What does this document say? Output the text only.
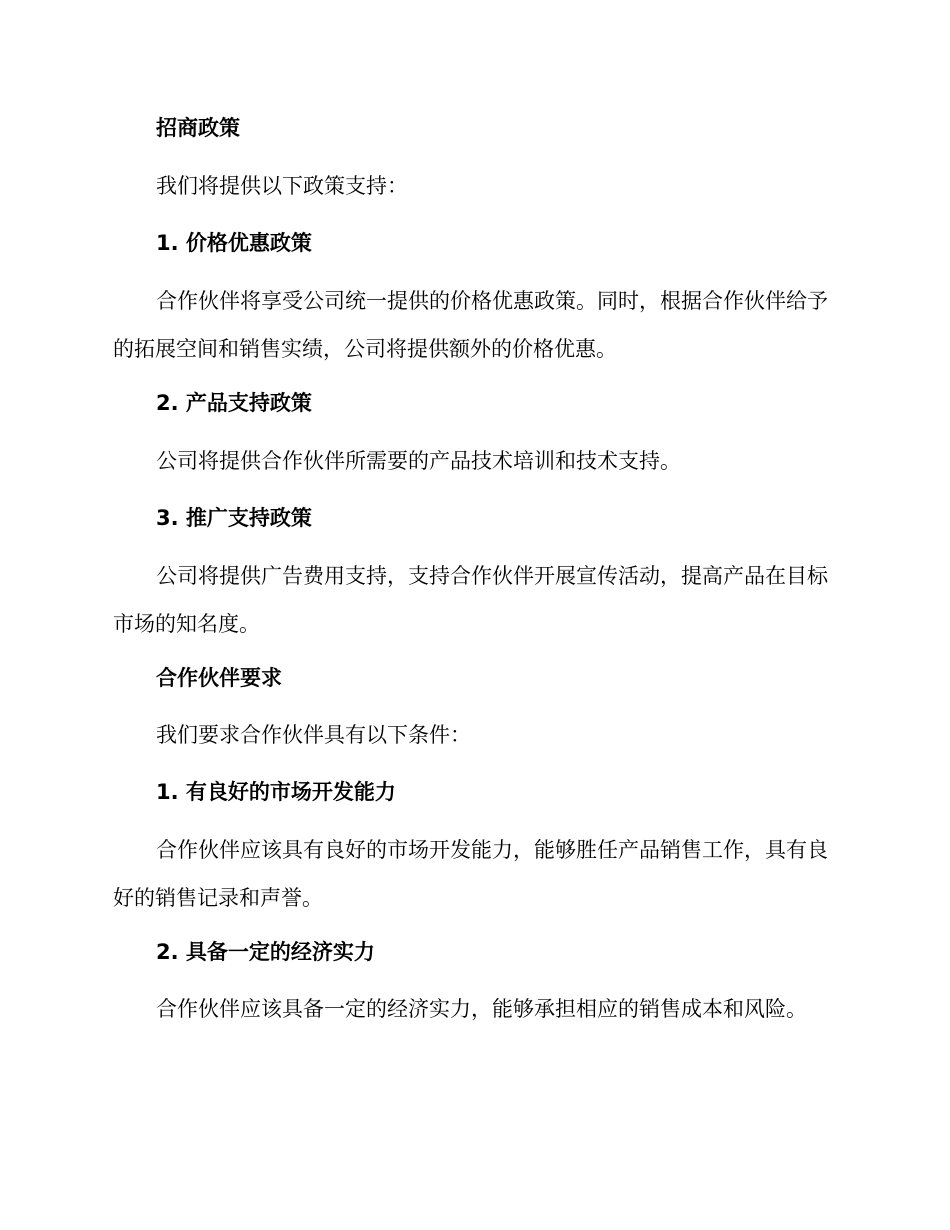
招商政策

我们将提供以下政策支持：

1. 价格优惠政策

合作伙伴将享受公司统一提供的价格优惠政策。同时，根据合作伙伴给予的拓展空间和销售实绩，公司将提供额外的价格优惠。

2. 产品支持政策

公司将提供合作伙伴所需要的产品技术培训和技术支持。

3. 推广支持政策

公司将提供广告费用支持，支持合作伙伴开展宣传活动，提高产品在目标市场的知名度。

合作伙伴要求

我们要求合作伙伴具有以下条件：

1. 有良好的市场开发能力

合作伙伴应该具有良好的市场开发能力，能够胜任产品销售工作，具有良好的销售记录和声誉。

2. 具备一定的经济实力

合作伙伴应该具备一定的经济实力，能够承担相应的销售成本和风险。
